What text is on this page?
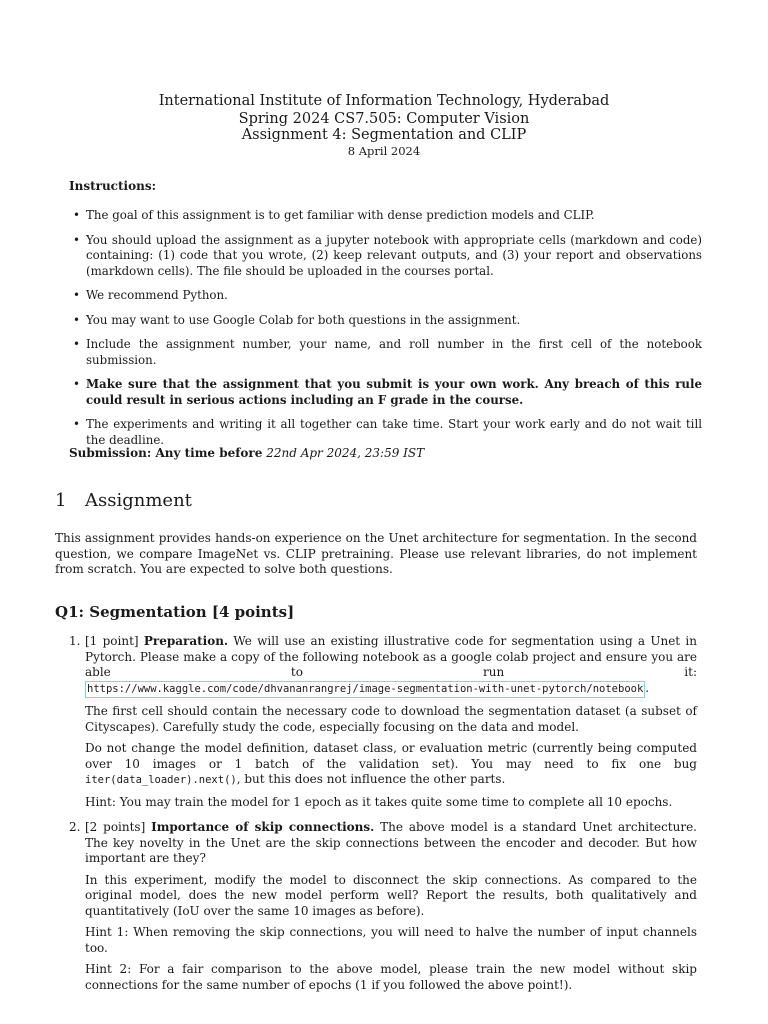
International Institute of Information Technology, Hyderabad
Spring 2024 CS7.505: Computer Vision
Assignment 4: Segmentation and CLIP
8 April 2024
Instructions:
• The goal of this assignment is to get familiar with dense prediction models and CLIP.
• You should upload the assignment as a jupyter notebook with appropriate cells (markdown and code) containing: (1) code that you wrote, (2) keep relevant outputs, and (3) your report and observations (markdown cells). The file should be uploaded in the courses portal.
• We recommend Python.
• You may want to use Google Colab for both questions in the assignment.
• Include the assignment number, your name, and roll number in the first cell of the notebook submission.
• Make sure that the assignment that you submit is your own work. Any breach of this rule could result in serious actions including an F grade in the course.
• The experiments and writing it all together can take time. Start your work early and do not wait till the deadline.
Submission: Any time before 22nd Apr 2024, 23:59 IST
1 Assignment
This assignment provides hands-on experience on the Unet architecture for segmentation. In the second question, we compare ImageNet vs. CLIP pretraining. Please use relevant libraries, do not implement from scratch. You are expected to solve both questions.
Q1: Segmentation [4 points]
1. [1 point] Preparation. We will use an existing illustrative code for segmentation using a Unet in Pytorch. Please make a copy of the following notebook as a google colab project and ensure you are able to run it: https://www.kaggle.com/code/dhvananrangrej/image-segmentation-with-unet-pytorch/notebook .

The first cell should contain the necessary code to download the segmentation dataset (a subset of Cityscapes). Carefully study the code, especially focusing on the data and model.

Do not change the model definition, dataset class, or evaluation metric (currently being computed over 10 images or 1 batch of the validation set). You may need to fix one bug iter(data_loader).next(), but this does not influence the other parts.

Hint: You may train the model for 1 epoch as it takes quite some time to complete all 10 epochs.

2. [2 points] Importance of skip connections. The above model is a standard Unet architecture. The key novelty in the Unet are the skip connections between the encoder and decoder. But how important are they?

In this experiment, modify the model to disconnect the skip connections. As compared to the original model, does the new model perform well? Report the results, both qualitatively and quantitatively (IoU over the same 10 images as before).

Hint 1: When removing the skip connections, you will need to halve the number of input channels too.

Hint 2: For a fair comparison to the above model, please train the new model without skip connections for the same number of epochs (1 if you followed the above point!).
